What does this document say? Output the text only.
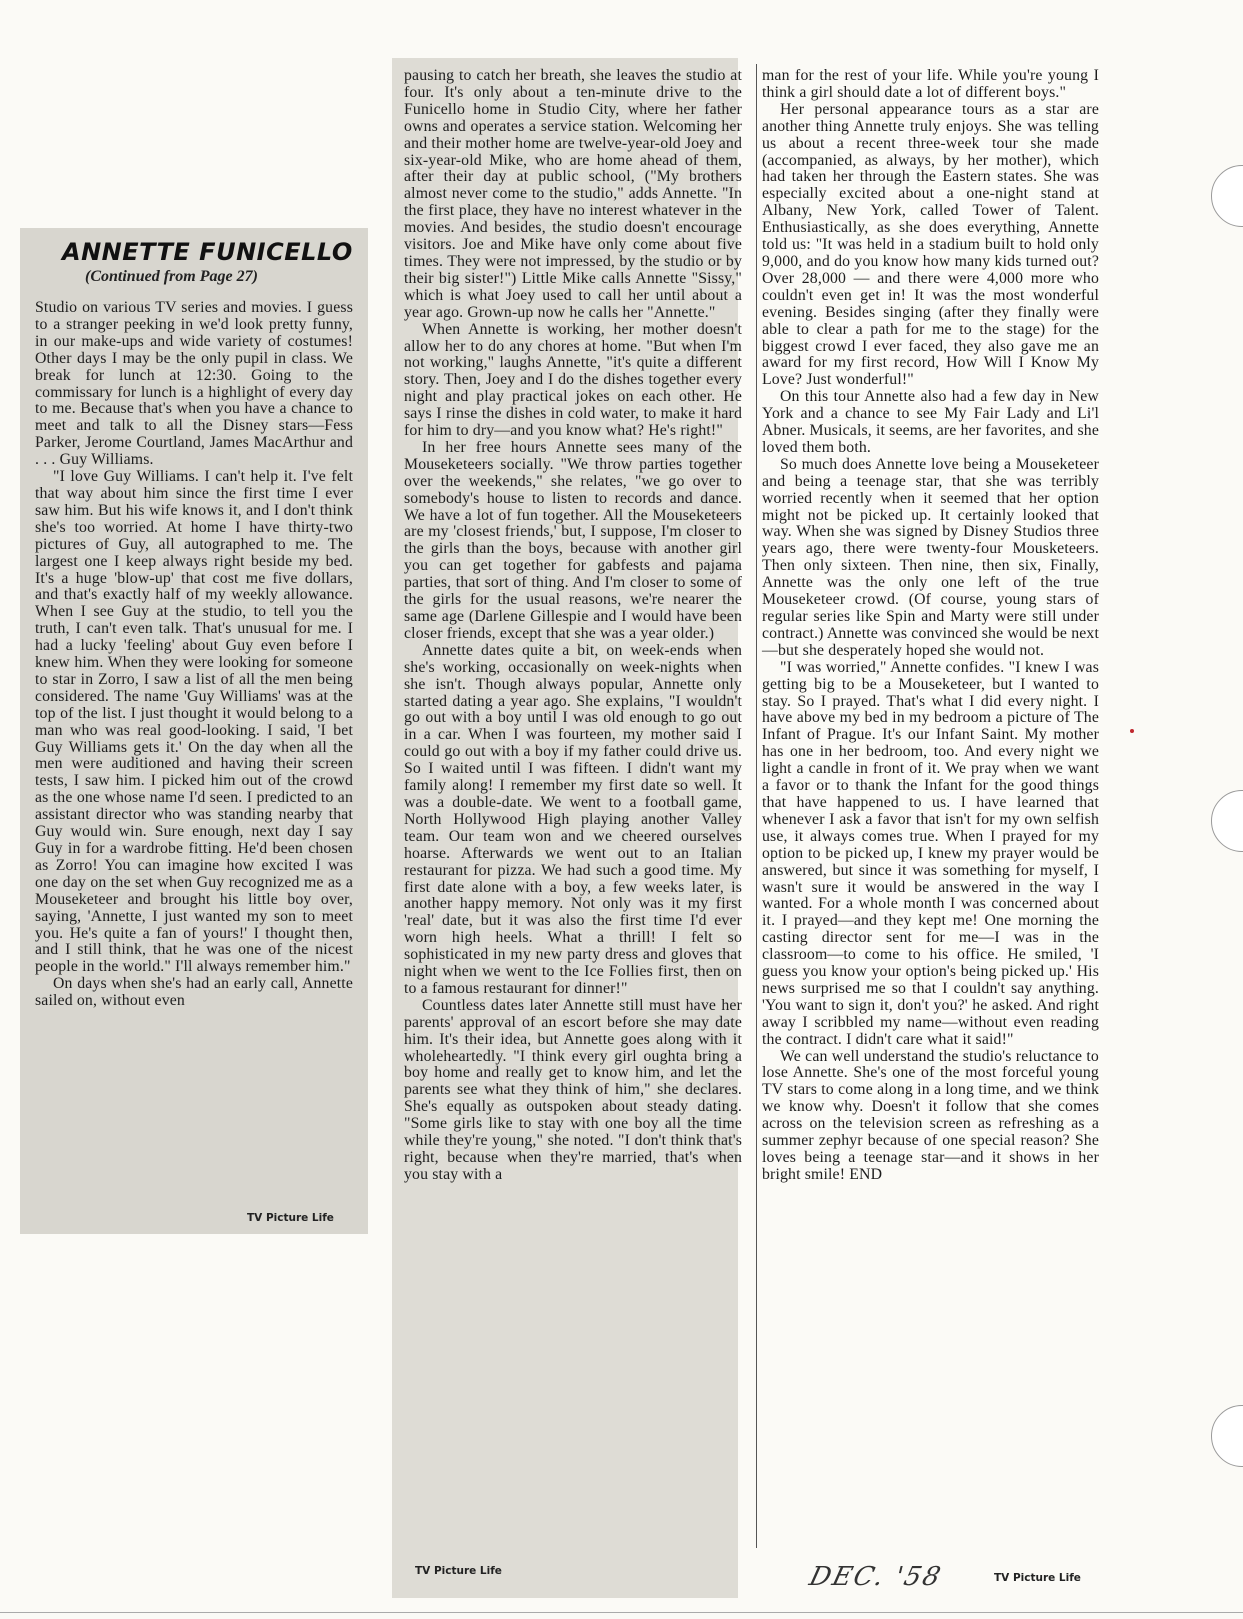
ANNETTE FUNICELLO
(Continued from Page 27)

Studio on various TV series and movies. I guess to a stranger peeking in we'd look pretty funny, in our make-ups and wide variety of costumes! Other days I may be the only pupil in class. We break for lunch at 12:30. Going to the commissary for lunch is a highlight of every day to me. Because that's when you have a chance to meet and talk to all the Disney stars—Fess Parker, Jerome Courtland, James MacArthur and . . . Guy Williams.

"I love Guy Williams. I can't help it. I've felt that way about him since the first time I ever saw him. But his wife knows it, and I don't think she's too worried. At home I have thirty-two pictures of Guy, all autographed to me. The largest one I keep always right beside my bed. It's a huge 'blow-up' that cost me five dollars, and that's exactly half of my weekly allowance. When I see Guy at the studio, to tell you the truth, I can't even talk. That's unusual for me. I had a lucky 'feeling' about Guy even before I knew him. When they were looking for someone to star in Zorro, I saw a list of all the men being considered. The name 'Guy Williams' was at the top of the list. I just thought it would belong to a man who was real good-looking. I said, 'I bet Guy Williams gets it.' On the day when all the men were auditioned and having their screen tests, I saw him. I picked him out of the crowd as the one whose name I'd seen. I predicted to an assistant director who was standing nearby that Guy would win. Sure enough, next day I say Guy in for a wardrobe fitting. He'd been chosen as Zorro! You can imagine how excited I was one day on the set when Guy recognized me as a Mouseketeer and brought his little boy over, saying, 'Annette, I just wanted my son to meet you. He's quite a fan of yours!' I thought then, and I still think, that he was one of the nicest people in the world." I'll always remember him."

On days when she's had an early call, Annette sailed on, without even

pausing to catch her breath, she leaves the studio at four. It's only about a ten-minute drive to the Funicello home in Studio City, where her father owns and operates a service station. Welcoming her and their mother home are twelve-year-old Joey and six-year-old Mike, who are home ahead of them, after their day at public school, ("My brothers almost never come to the studio," adds Annette. "In the first place, they have no interest whatever in the movies. And besides, the studio doesn't encourage visitors. Joe and Mike have only come about five times. They were not impressed, by the studio or by their big sister!") Little Mike calls Annette "Sissy," which is what Joey used to call her until about a year ago. Grown-up now he calls her "Annette."

When Annette is working, her mother doesn't allow her to do any chores at home. "But when I'm not working," laughs Annette, "it's quite a different story. Then, Joey and I do the dishes together every night and play practical jokes on each other. He says I rinse the dishes in cold water, to make it hard for him to dry—and you know what? He's right!"

In her free hours Annette sees many of the Mouseketeers socially. "We throw parties together over the weekends," she relates, "we go over to somebody's house to listen to records and dance. We have a lot of fun together. All the Mouseketeers are my 'closest friends,' but, I suppose, I'm closer to the girls than the boys, because with another girl you can get together for gabfests and pajama parties, that sort of thing. And I'm closer to some of the girls for the usual reasons, we're nearer the same age (Darlene Gillespie and I would have been closer friends, except that she was a year older.)

Annette dates quite a bit, on week-ends when she's working, occasionally on week-nights when she isn't. Though always popular, Annette only started dating a year ago. She explains, "I wouldn't go out with a boy until I was old enough to go out in a car. When I was fourteen, my mother said I could go out with a boy if my father could drive us. So I waited until I was fifteen. I didn't want my family along! I remember my first date so well. It was a double-date. We went to a football game, North Hollywood High playing another Valley team. Our team won and we cheered ourselves hoarse. Afterwards we went out to an Italian restaurant for pizza. We had such a good time. My first date alone with a boy, a few weeks later, is another happy memory. Not only was it my first 'real' date, but it was also the first time I'd ever worn high heels. What a thrill! I felt so sophisticated in my new party dress and gloves that night when we went to the Ice Follies first, then on to a famous restaurant for dinner!"

Countless dates later Annette still must have her parents' approval of an escort before she may date him. It's their idea, but Annette goes along with it wholeheartedly. "I think every girl oughta bring a boy home and really get to know him, and let the parents see what they think of him," she declares. She's equally as outspoken about steady dating. "Some girls like to stay with one boy all the time while they're young," she noted. "I don't think that's right, because when they're married, that's when you stay with a

man for the rest of your life. While you're young I think a girl should date a lot of different boys."

Her personal appearance tours as a star are another thing Annette truly enjoys. She was telling us about a recent three-week tour she made (accompanied, as always, by her mother), which had taken her through the Eastern states. She was especially excited about a one-night stand at Albany, New York, called Tower of Talent. Enthusiastically, as she does everything, Annette told us: "It was held in a stadium built to hold only 9,000, and do you know how many kids turned out? Over 28,000 — and there were 4,000 more who couldn't even get in! It was the most wonderful evening. Besides singing (after they finally were able to clear a path for me to the stage) for the biggest crowd I ever faced, they also gave me an award for my first record, How Will I Know My Love? Just wonderful!"

On this tour Annette also had a few day in New York and a chance to see My Fair Lady and Li'l Abner. Musicals, it seems, are her favorites, and she loved them both.

So much does Annette love being a Mouseketeer and being a teenage star, that she was terribly worried recently when it seemed that her option might not be picked up. It certainly looked that way. When she was signed by Disney Studios three years ago, there were twenty-four Mousketeers. Then only sixteen. Then nine, then six, Finally, Annette was the only one left of the true Mouseketeer crowd. (Of course, young stars of regular series like Spin and Marty were still under contract.) Annette was convinced she would be next—but she desperately hoped she would not.

"I was worried," Annette confides. "I knew I was getting big to be a Mouseketeer, but I wanted to stay. So I prayed. That's what I did every night. I have above my bed in my bedroom a picture of The Infant of Prague. It's our Infant Saint. My mother has one in her bedroom, too. And every night we light a candle in front of it. We pray when we want a favor or to thank the Infant for the good things that have happened to us. I have learned that whenever I ask a favor that isn't for my own selfish use, it always comes true. When I prayed for my option to be picked up, I knew my prayer would be answered, but since it was something for myself, I wasn't sure it would be answered in the way I wanted. For a whole month I was concerned about it. I prayed—and they kept me! One morning the casting director sent for me—I was in the classroom—to come to his office. He smiled, 'I guess you know your option's being picked up.' His news surprised me so that I couldn't say anything. 'You want to sign it, don't you?' he asked. And right away I scribbled my name—without even reading the contract. I didn't care what it said!"

We can well understand the studio's reluctance to lose Annette. She's one of the most forceful young TV stars to come along in a long time, and we think we know why. Doesn't it follow that she comes across on the television screen as refreshing as a summer zephyr because of one special reason? She loves being a teenage star—and it shows in her bright smile! END

TV Picture Life
TV Picture Life
TV Picture Life
DEC. '58
